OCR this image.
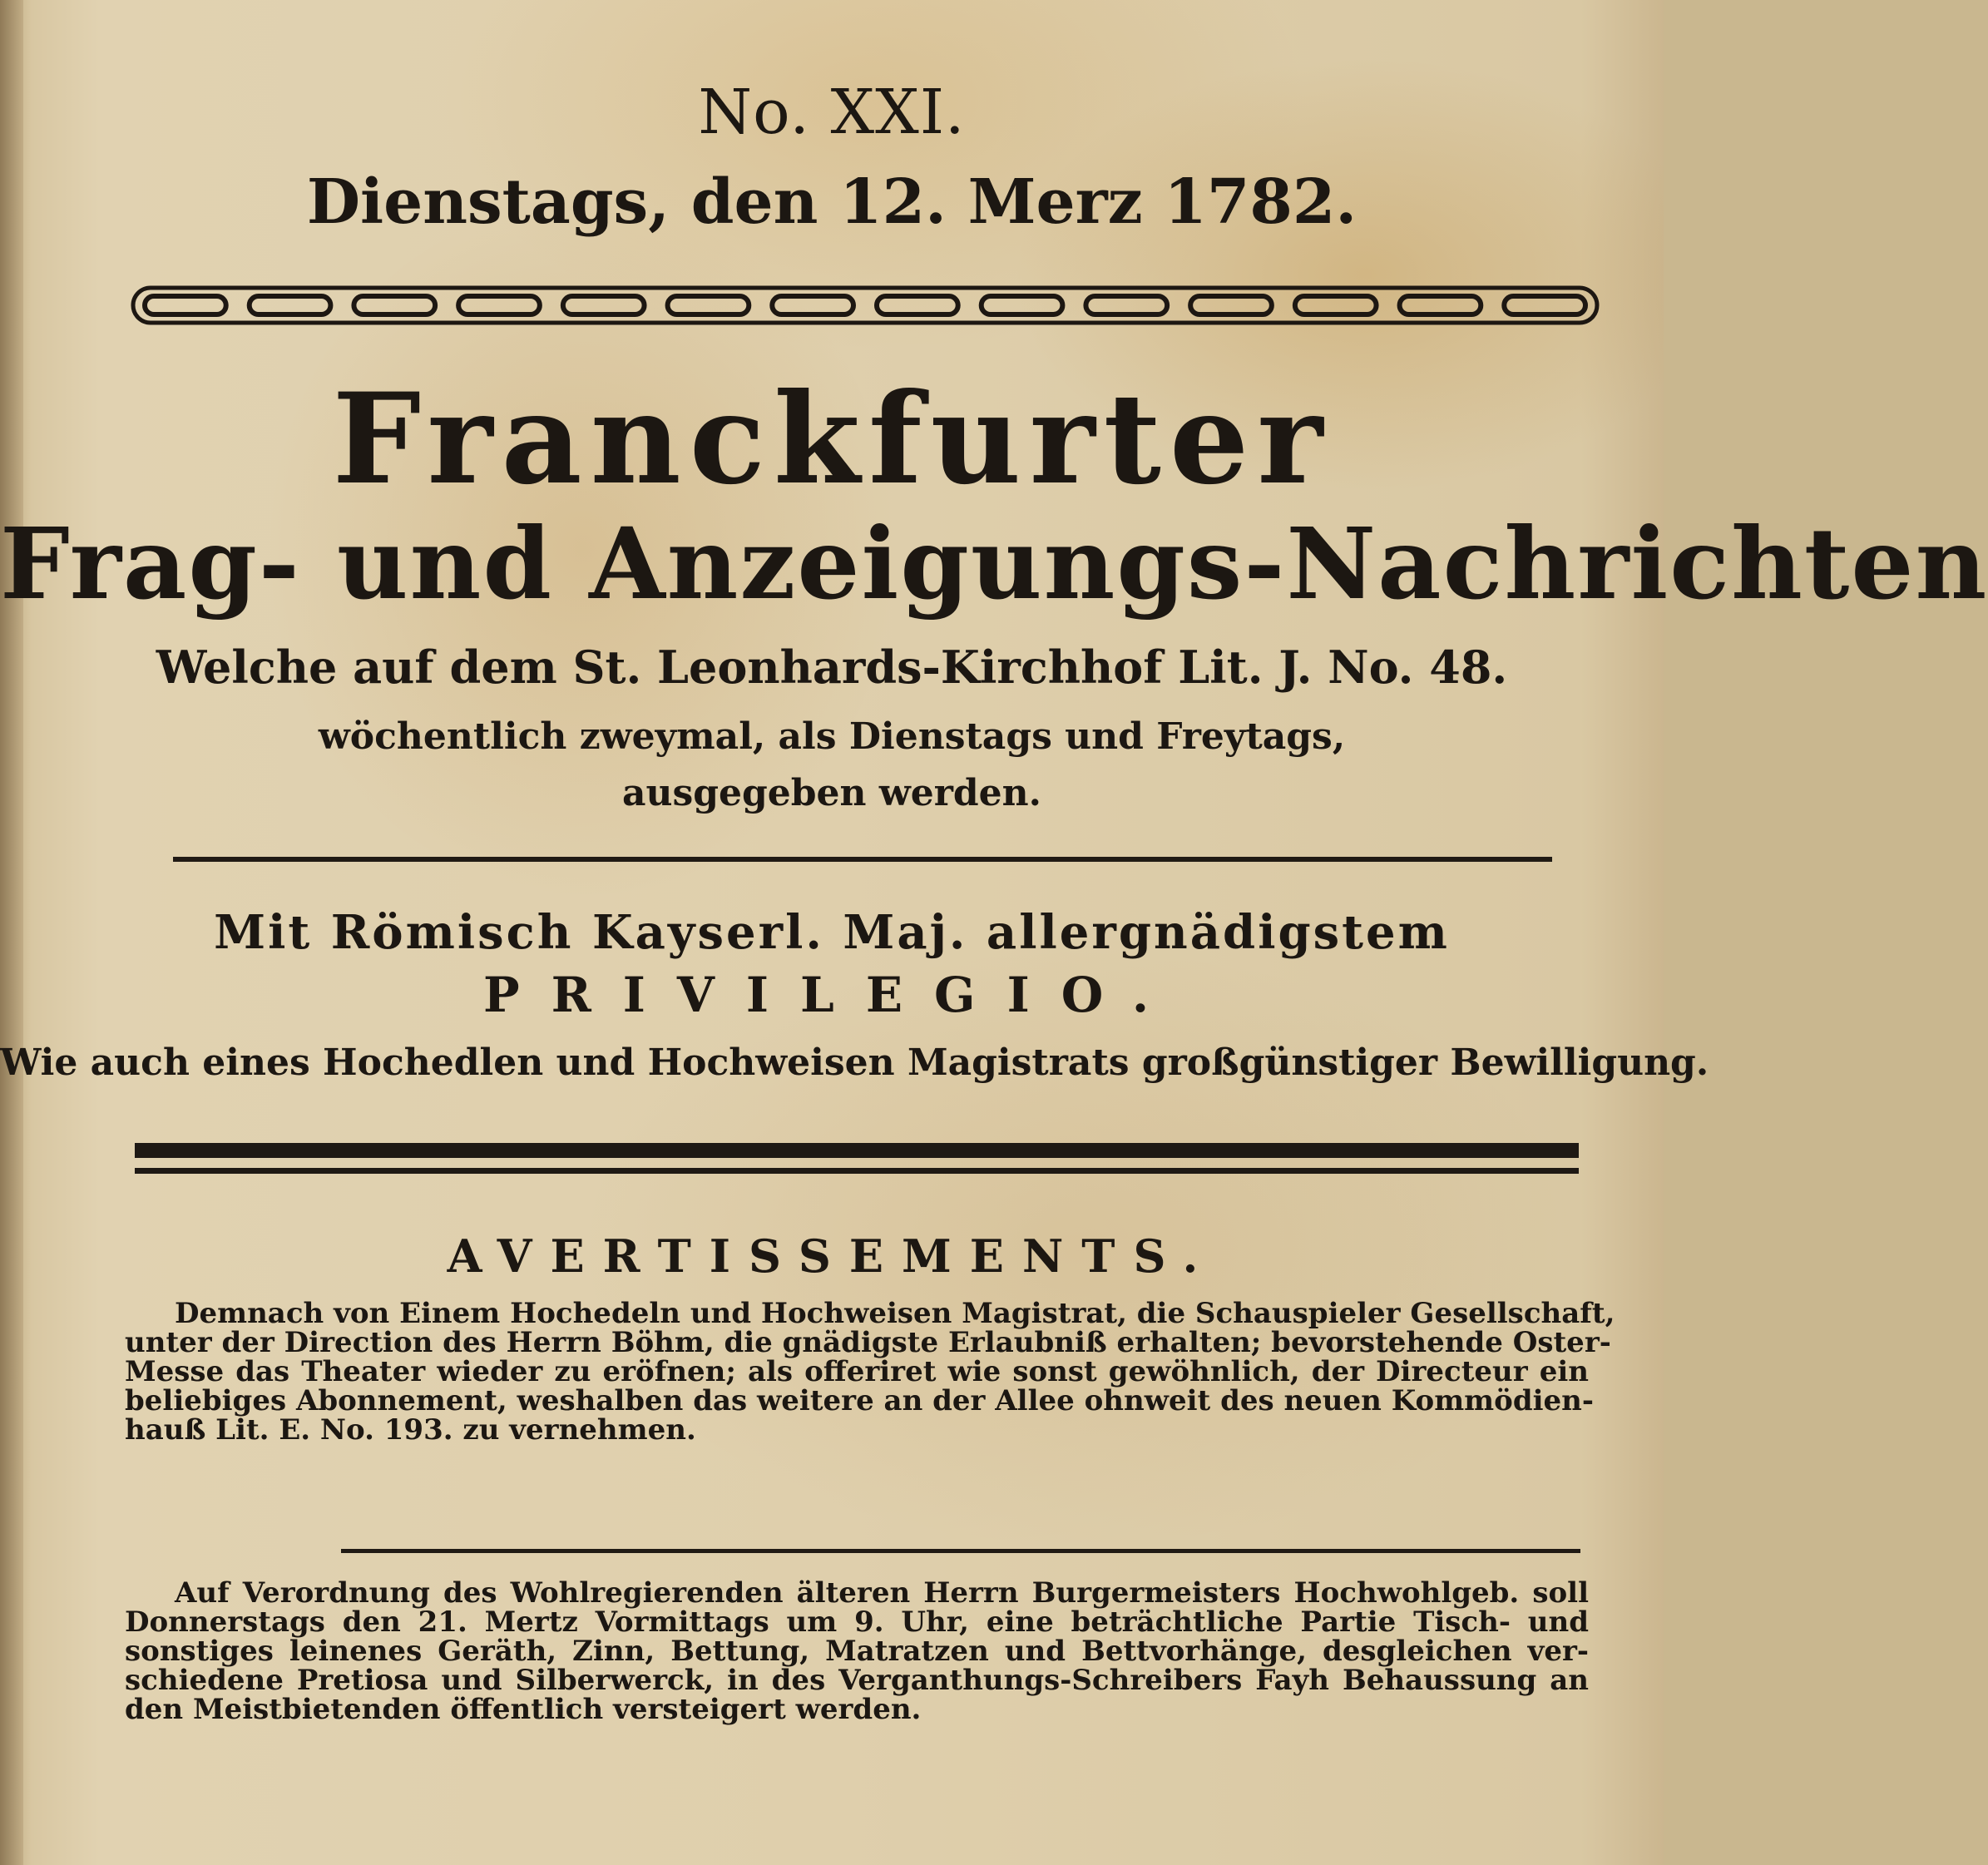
No. XXI.
Dienstags, den 12. Merz 1782.
Franckfurter
Frag- und Anzeigungs-Nachrichten
Welche auf dem St. Leonhards-Kirchhof Lit. J. No. 48.
wöchentlich zweymal, als Dienstags und Freytags,
ausgegeben werden.
Mit Römisch Kayserl. Maj. allergnädigstem
PRIVILEGIO.
Wie auch eines Hochedlen und Hochweisen Magistrats großgünstiger Bewilligung.
AVERTISSEMENTS.
Demnach von Einem Hochedeln und Hochweisen Magistrat, die Schauspieler Gesellschaft,
unter der Direction des Herrn Böhm, die gnädigste Erlaubniß erhalten; bevorstehende Oster-
Messe das Theater wieder zu eröfnen; als offeriret wie sonst gewöhnlich, der Directeur ein
beliebiges Abonnement, weshalben das weitere an der Allee ohnweit des neuen Kommödien-
hauß Lit. E. No. 193. zu vernehmen.
Auf Verordnung des Wohlregierenden älteren Herrn Burgermeisters Hochwohlgeb. soll
Donnerstags den 21. Mertz Vormittags um 9. Uhr, eine beträchtliche Partie Tisch- und
sonstiges leinenes Geräth, Zinn, Bettung, Matratzen und Bettvorhänge, desgleichen ver-
schiedene Pretiosa und Silberwerck, in des Verganthungs-Schreibers Fayh Behaussung an
den Meistbietenden öffentlich versteigert werden.
